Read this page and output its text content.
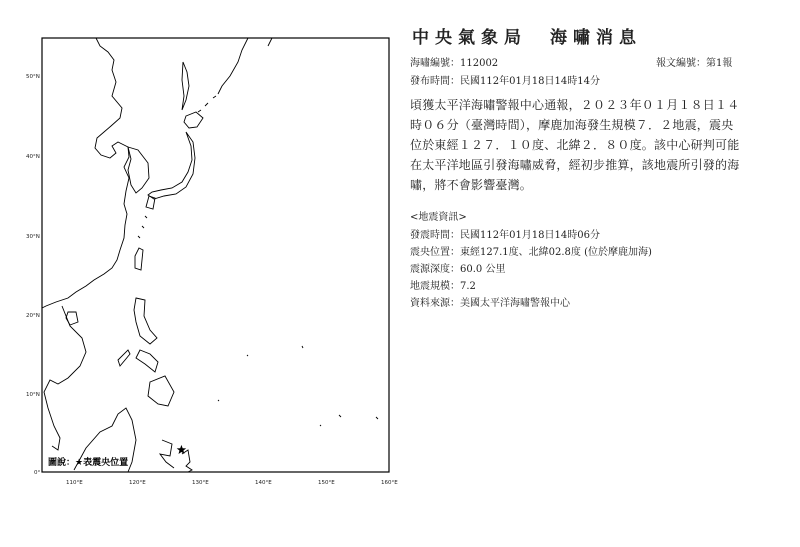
50°N
40°N
30°N
20°N
10°N
0°
110°E	120°E	130°E	140°E	150°E	160°E
圖說：★表震央位置
中央氣象局　海嘯消息
海嘯編號：112002	報文編號：第1報
發布時間：民國112年01月18日14時14分
頃獲太平洋海嘯警報中心通報，２０２３年０１月１８日１４時０６分（臺灣時間），摩鹿加海發生規模７．２地震，震央位於東經１２７．１０度、北緯２．８０度。該中心研判可能在太平洋地區引發海嘯威脅，經初步推算，該地震所引發的海嘯，將不會影響臺灣。
<地震資訊>
發震時間：民國112年01月18日14時06分
震央位置：東經127.1度、北緯02.8度 (位於摩鹿加海)
震源深度：60.0 公里
地震規模：7.2
資料來源：美國太平洋海嘯警報中心
